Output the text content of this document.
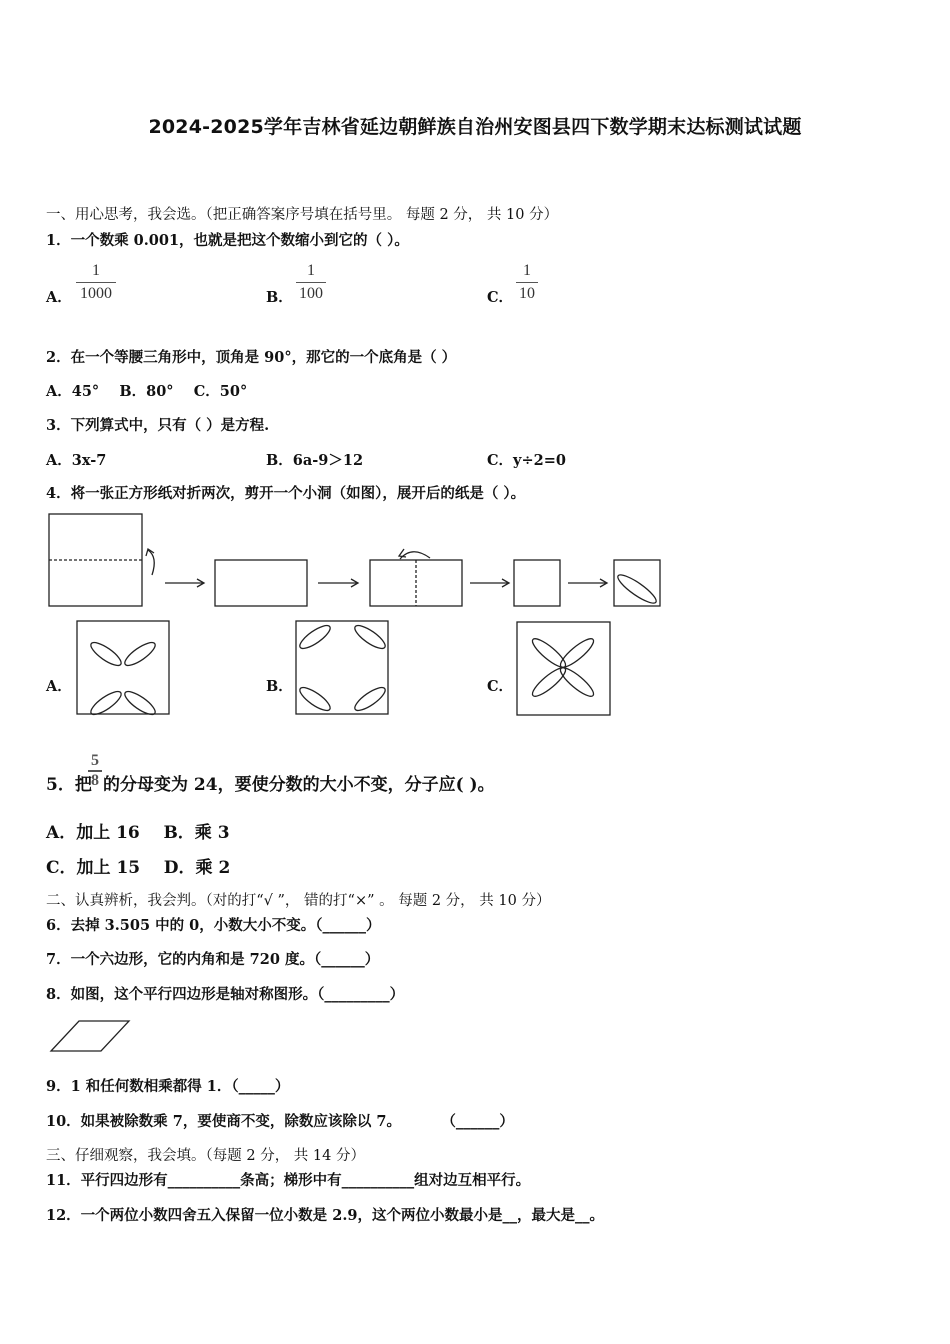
2024-2025学年吉林省延边朝鲜族自治州安图县四下数学期末达标测试试题
一、用心思考，我会选。（把正确答案序号填在括号里。 每题 2 分， 共 10 分）
1．一个数乘 0.001，也就是把这个数缩小到它的（ ）。
A．
1
1000	B．
1
100	C．
1
10
2．在一个等腰三角形中，顶角是 90°，那它的一个底角是（ ）
A．45°    B．80°    C．50°
3．下列算式中，只有（ ）是方程.
A．3x-7	B．6a-9＞12	C．y÷2=0
4．将一张正方形纸对折两次，剪开一个小洞（如图），展开后的纸是（ ）。
A．	B．	C．
5．把
5
8 的分母变为 24，要使分数的大小不变，分子应( )。
A．加上 16    B．乘 3
C．加上 15    D．乘 2
二、认真辨析，我会判。（对的打“√ ”， 错的打“×” 。 每题 2 分， 共 10 分）
6．去掉 3.505 中的 0，小数大小不变。（______）
7．一个六边形，它的内角和是 720 度。（______）
8．如图，这个平行四边形是轴对称图形。（_________）
9．1 和任何数相乘都得 1．（_____）
10．如果被除数乘 7，要使商不变，除数应该除以 7。        （______）
三、仔细观察，我会填。（每题 2 分， 共 14 分）
11．平行四边形有__________条高；梯形中有__________组对边互相平行。
12．一个两位小数四舍五入保留一位小数是 2.9，这个两位小数最小是__，最大是__。
